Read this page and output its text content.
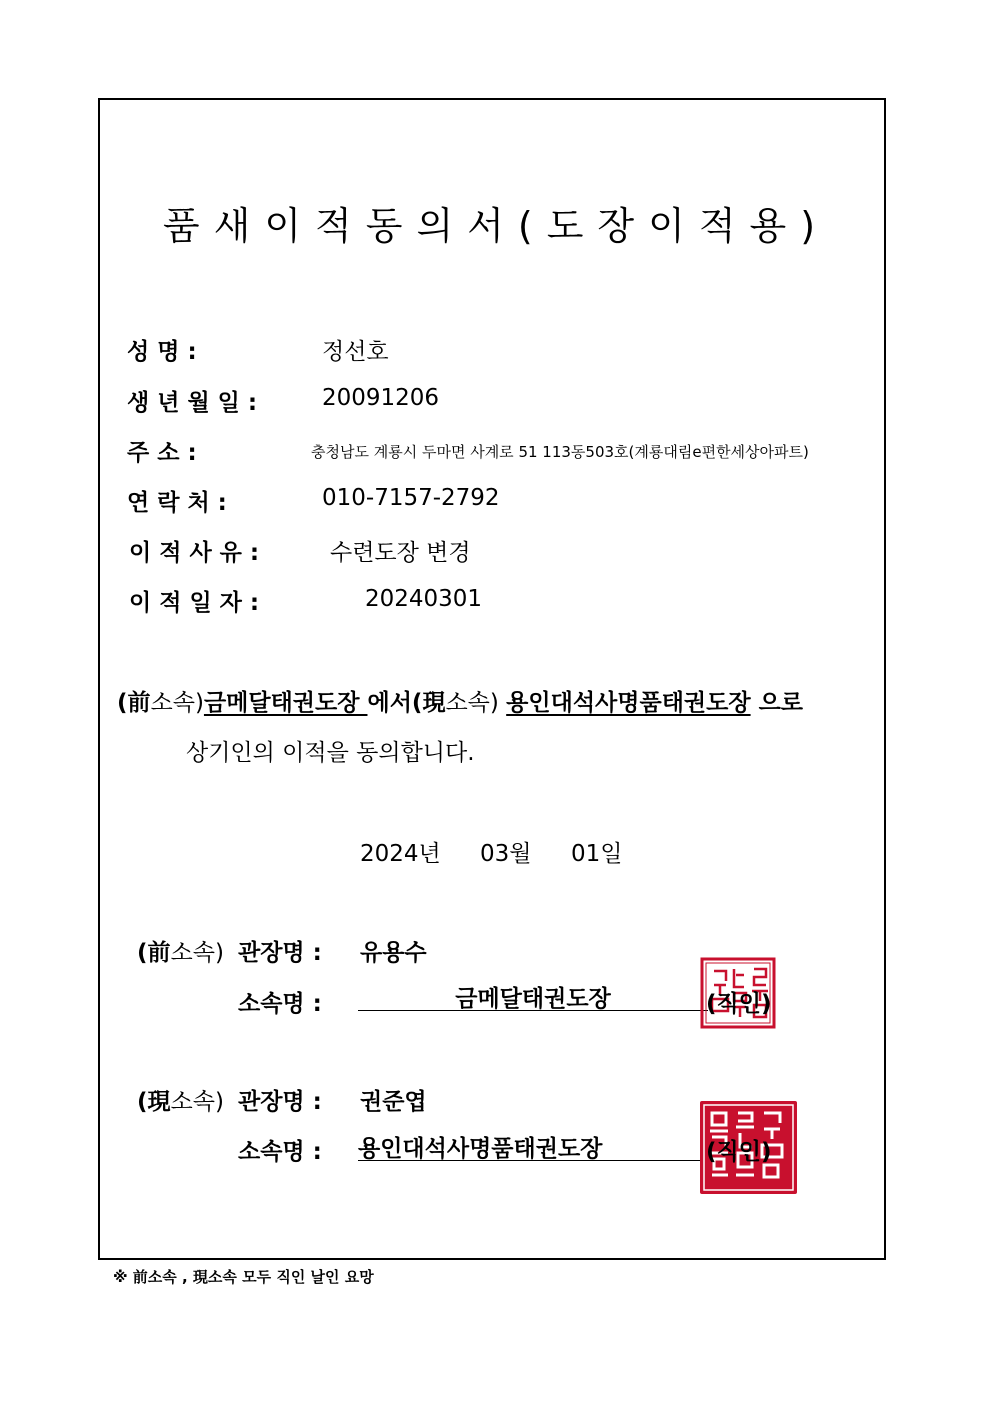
품새이적동의서(도장이적용)
성 명 :	정선호
생 년 월 일 :	20091206
주 소 :	충청남도 계룡시 두마면 사계로 51 113동503호(계룡대림e편한세상아파트)
연 락 처 :	010-7157-2792
이 적 사 유 :	수련도장 변경
이 적 일 자 :	20240301
(前소속)금메달태권도장 에서(現소속) 용인대석사명품태권도장 으로
상기인의 이적을 동의합니다.
2024년 03월 01일
(前소속) 관장명 : 유용수
소속명 :	금메달태권도장	(직인)
(現소속) 관장명 : 권준엽
소속명 : 용인대석사명품태권도장	(직인)
※ 前소속 , 現소속 모두 직인 날인 요망
